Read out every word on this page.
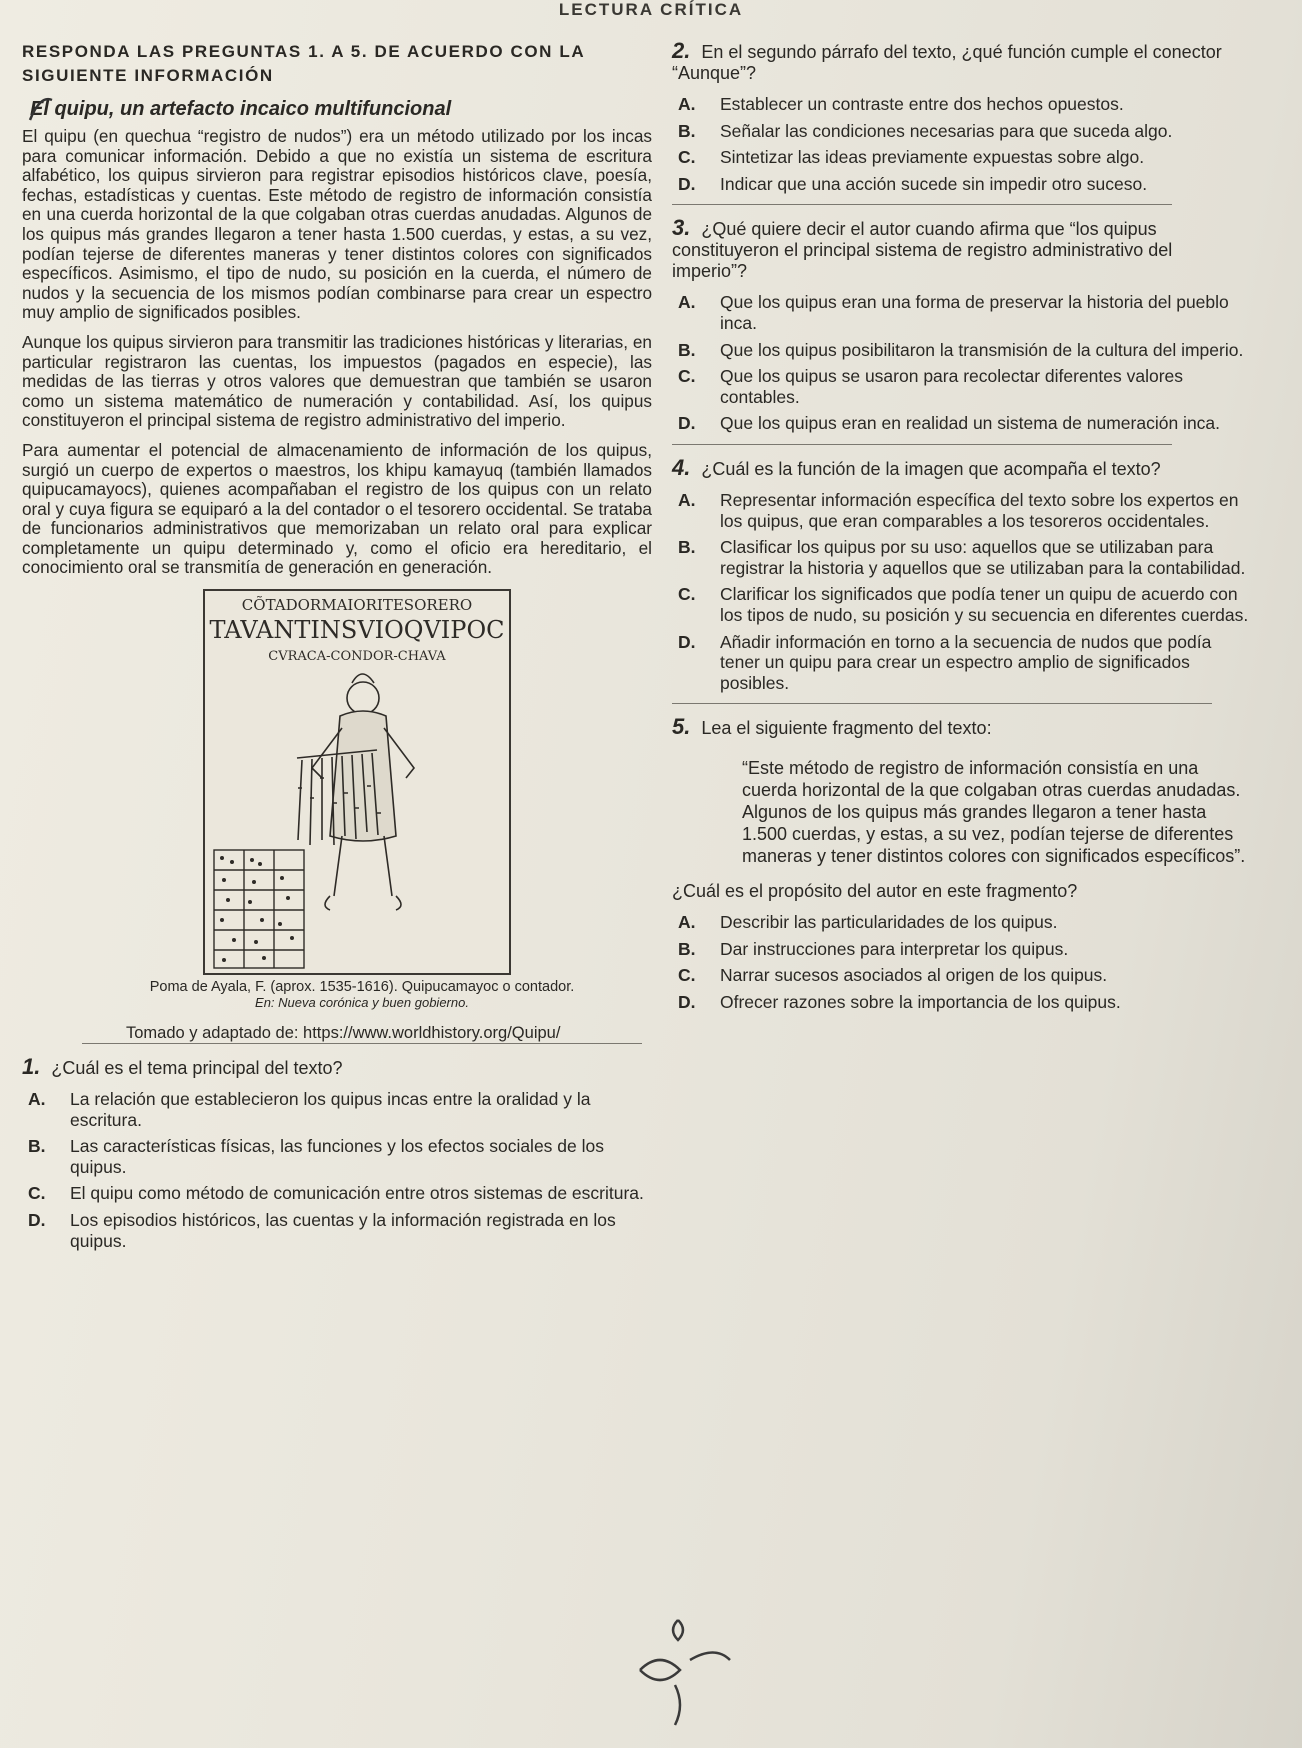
LECTURA CRÍTICA
RESPONDA LAS PREGUNTAS 1. A 5. DE ACUERDO CON LA SIGUIENTE INFORMACIÓN
El quipu, un artefacto incaico multifuncional

El quipu (en quechua “registro de nudos”) era un método utilizado por los incas para comunicar información. Debido a que no existía un sistema de escritura alfabético, los quipus sirvieron para registrar episodios históricos clave, poesía, fechas, estadísticas y cuentas. Este método de registro de información consistía en una cuerda horizontal de la que colgaban otras cuerdas anudadas. Algunos de los quipus más grandes llegaron a tener hasta 1.500 cuerdas, y estas, a su vez, podían tejerse de diferentes maneras y tener distintos colores con significados específicos. Asimismo, el tipo de nudo, su posición en la cuerda, el número de nudos y la secuencia de los mismos podían combinarse para crear un espectro muy amplio de significados posibles.

Aunque los quipus sirvieron para transmitir las tradiciones históricas y literarias, en particular registraron las cuentas, los impuestos (pagados en especie), las medidas de las tierras y otros valores que demuestran que también se usaron como un sistema matemático de numeración y contabilidad. Así, los quipus constituyeron el principal sistema de registro administrativo del imperio.

Para aumentar el potencial de almacenamiento de información de los quipus, surgió un cuerpo de expertos o maestros, los khipu kamayuq (también llamados quipucamayocs), quienes acompañaban el registro de los quipus con un relato oral y cuya figura se equiparó a la del contador o el tesorero occidental. Se trataba de funcionarios administrativos que memorizaban un relato oral para explicar completamente un quipu determinado y, como el oficio era hereditario, el conocimiento oral se transmitía de generación en generación.

CÕTADORMAIORITESORERO
TAVANTINSVIOQVIPOC
CVRACA-CONDOR-CHAVA
Poma de Ayala, F. (aprox. 1535-1616). Quipucamayoc o contador.
En: Nueva corónica y buen gobierno.
Tomado y adaptado de: https://www.worldhistory.org/Quipu/
1. ¿Cuál es el tema principal del texto?
A.	La relación que establecieron los quipus incas entre la oralidad y la escritura.
B.	Las características físicas, las funciones y los efectos sociales de los quipus.
C.	El quipu como método de comunicación entre otros sistemas de escritura.
D.	Los episodios históricos, las cuentas y la información registrada en los quipus.
2. En el segundo párrafo del texto, ¿qué función cumple el conector “Aunque”?
A.	Establecer un contraste entre dos hechos opuestos.
B.	Señalar las condiciones necesarias para que suceda algo.
C.	Sintetizar las ideas previamente expuestas sobre algo.
D.	Indicar que una acción sucede sin impedir otro suceso.
3. ¿Qué quiere decir el autor cuando afirma que “los quipus constituyeron el principal sistema de registro administrativo del imperio”?
A.	Que los quipus eran una forma de preservar la historia del pueblo inca.
B.	Que los quipus posibilitaron la transmisión de la cultura del imperio.
C.	Que los quipus se usaron para recolectar diferentes valores contables.
D.	Que los quipus eran en realidad un sistema de numeración inca.
4. ¿Cuál es la función de la imagen que acompaña el texto?
A.	Representar información específica del texto sobre los expertos en los quipus, que eran comparables a los tesoreros occidentales.
B.	Clasificar los quipus por su uso: aquellos que se utilizaban para registrar la historia y aquellos que se utilizaban para la contabilidad.
C.	Clarificar los significados que podía tener un quipu de acuerdo con los tipos de nudo, su posición y su secuencia en diferentes cuerdas.
D.	Añadir información en torno a la secuencia de nudos que podía tener un quipu para crear un espectro amplio de significados posibles.
5. Lea el siguiente fragmento del texto:
“Este método de registro de información consistía en una cuerda horizontal de la que colgaban otras cuerdas anudadas. Algunos de los quipus más grandes llegaron a tener hasta 1.500 cuerdas, y estas, a su vez, podían tejerse de diferentes maneras y tener distintos colores con significados específicos”.
¿Cuál es el propósito del autor en este fragmento?
A.	Describir las particularidades de los quipus.
B.	Dar instrucciones para interpretar los quipus.
C.	Narrar sucesos asociados al origen de los quipus.
D.	Ofrecer razones sobre la importancia de los quipus.
